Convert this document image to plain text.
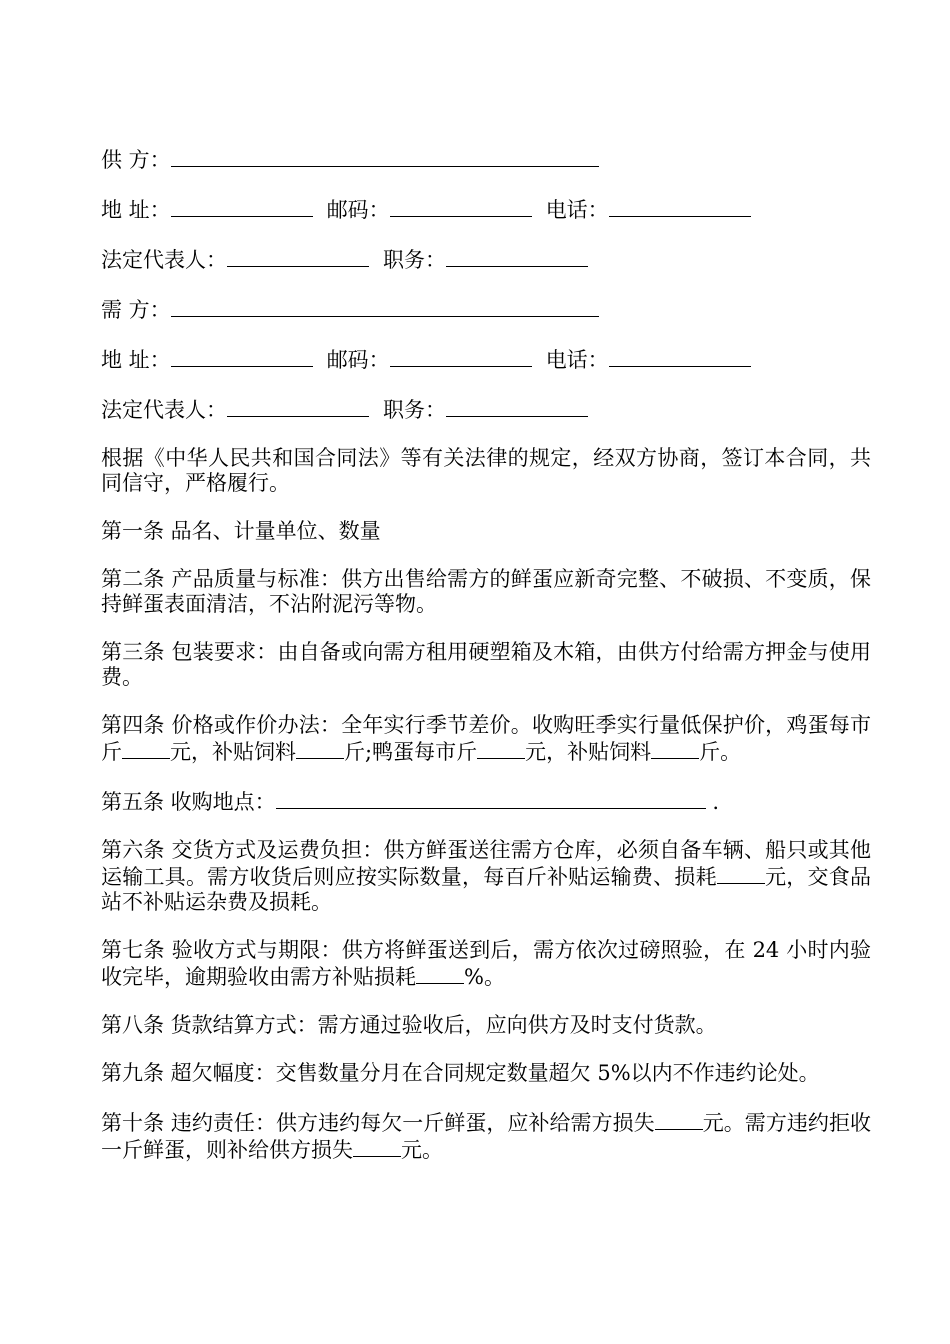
供 方：
地 址：	邮码：	电话：
法定代表人：	职务：
需 方：
地 址：	邮码：	电话：
法定代表人：	职务：
根据《中华人民共和国合同法》等有关法律的规定，经双方协商，签订本合同，共同信守，严格履行。
第一条 品名、计量单位、数量
第二条 产品质量与标准：供方出售给需方的鲜蛋应新奇完整、不破损、不变质，保持鲜蛋表面清洁，不沾附泥污等物。
第三条 包装要求：由自备或向需方租用硬塑箱及木箱，由供方付给需方押金与使用费。
第四条 价格或作价办法：全年实行季节差价。收购旺季实行量低保护价，鸡蛋每市斤 元，补贴饲料 斤;鸭蛋每市斤 元，补贴饲料 斤。
第五条 收购地点：	.
第六条 交货方式及运费负担：供方鲜蛋送往需方仓库，必须自备车辆、船只或其他运输工具。需方收货后则应按实际数量，每百斤补贴运输费、损耗 元，交食品站不补贴运杂费及损耗。
第七条 验收方式与期限：供方将鲜蛋送到后，需方依次过磅照验，在 24 小时内验收完毕，逾期验收由需方补贴损耗 %。
第八条 货款结算方式：需方通过验收后，应向供方及时支付货款。
第九条 超欠幅度：交售数量分月在合同规定数量超欠 5%以内不作违约论处。
第十条 违约责任：供方违约每欠一斤鲜蛋，应补给需方损失 元。需方违约拒收一斤鲜蛋，则补给供方损失 元。
